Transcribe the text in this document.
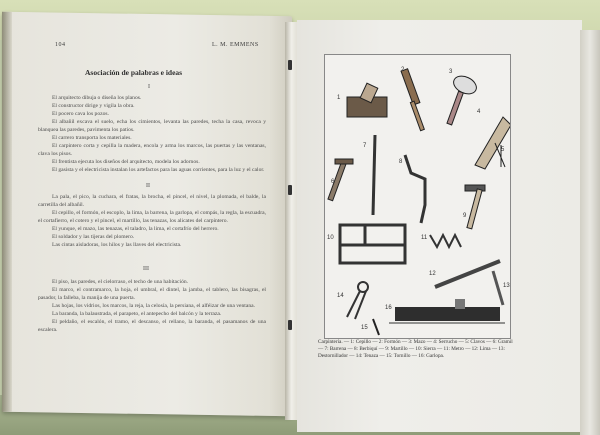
104	L. M. EMMENS
Asociación de palabras e ideas
I

El arquitecto dibuja o diseña los planos.

El constructor dirige y vigila la obra.

El pocero cava los pozos.

El albañil excava el suelo, echa los cimientos, levanta las paredes, techa la casa, revoca y blanquea las paredes, pavimenta los patios.

El carrero transporta los materiales.

El carpintero corta y cepilla la madera, encola y arma los marcos, las puertas y las ventanas, clava los pisos.

El frentista ejecuta los diseños del arquitecto, modela los adornos.

El gasista y el electricista instalan los artefactos para las aguas corrientes, para la luz y el calor.

II

La pala, el pico, la cuchara, el fratas, la brocha, el pincel, el nivel, la plomada, el balde, la carretilla del albañil.

El cepillo, el formón, el escoplo, la lima, la barrena, la garlopa, el compás, la regla, la escuadra, el cortafierro, el cotero y el pincel, el martillo, las tenazas, los alicates del carpintero.

El yunque, el mazo, las tenazas, el taladro, la lima, el cortafrío del herrero.

El soldador y las tijeras del plomero.

Las cintas aisladoras, los hilos y las llaves del electricista.

III

El piso, las paredes, el cielorraso, el techo de una habitación.

El marco, el contramarco, la hoja, el umbral, el dintel, la jamba, el tablero, las bisagras, el pasador, la falleba, la manija de una puerta.

Las hojas, los vidrios, los marcos, la reja, la celosía, la persiana, el alféizar de una ventana.

La baranda, la balaustrada, el parapeto, el antepecho del balcón y la terraza.

El peldaño, el escalón, el tramo, el descanso, el rellano, la baranda, el pasamanos de una escalera.

1
2	3
4
5
6
7
8
9
10	11
12
13
14
15
16
Carpintería. — 1: Cepillo — 2: Formón — 3: Mazo — 4: Serrucho — 5: Clavos — 6: Gramil — 7: Barrena — 8: Berbiquí — 9: Martillo — 10: Sierra — 11: Metro — 12: Lima — 13: Destornillador — 14: Tenaza — 15: Tornillo — 16: Garlopa.
